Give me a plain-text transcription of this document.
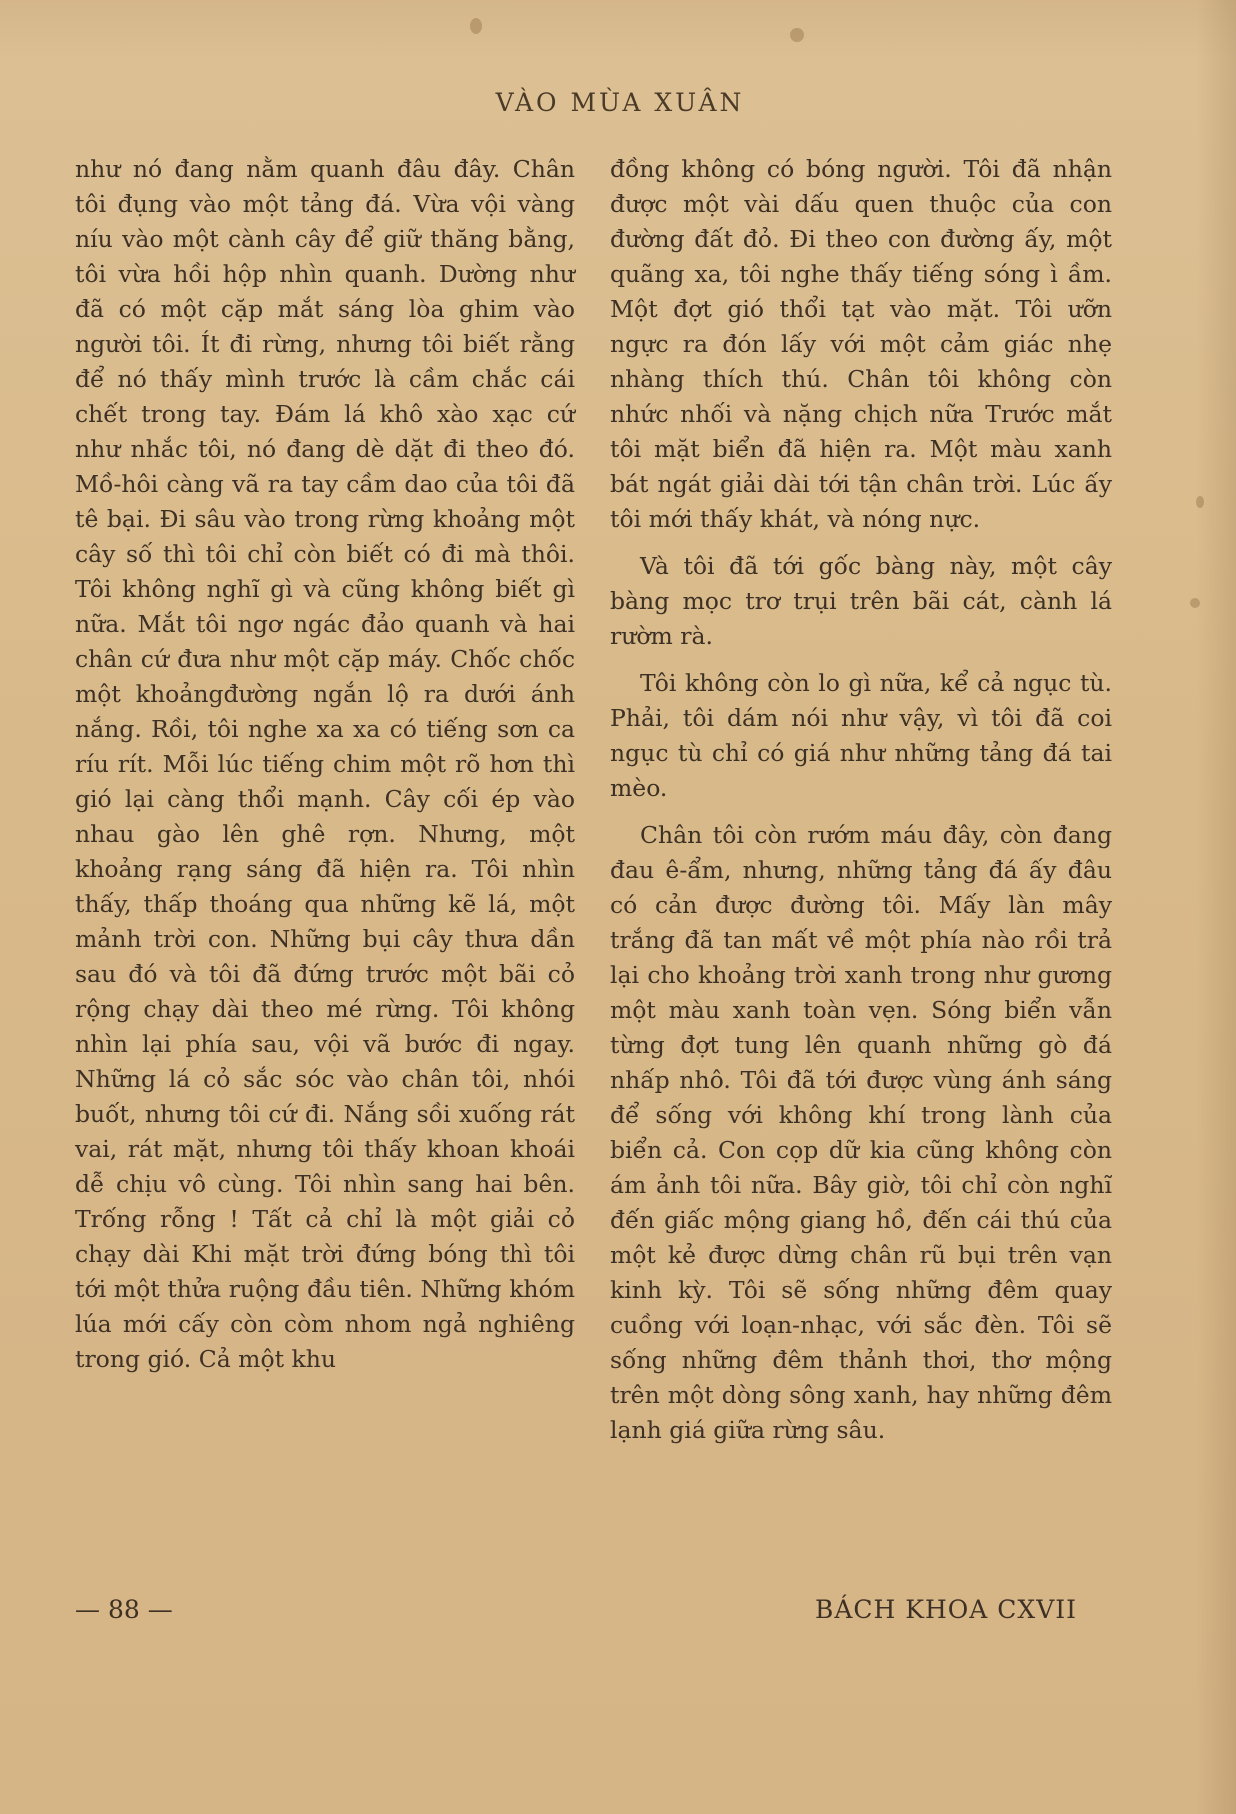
VÀO MÙA XUÂN

như nó đang nằm quanh đâu đây. Chân tôi đụng vào một tảng đá. Vừa vội vàng níu vào một cành cây để giữ thăng bằng, tôi vừa hồi hộp nhìn quanh. Dường như đã có một cặp mắt sáng lòa ghim vào người tôi. Ít đi rừng, nhưng tôi biết rằng để nó thấy mình trước là cầm chắc cái chết trong tay. Đám lá khô xào xạc cứ như nhắc tôi, nó đang dè dặt đi theo đó. Mồ-hôi càng vã ra tay cầm dao của tôi đã tê bại. Đi sâu vào trong rừng khoảng một cây số thì tôi chỉ còn biết có đi mà thôi. Tôi không nghĩ gì và cũng không biết gì nữa. Mắt tôi ngơ ngác đảo quanh và hai chân cứ đưa như một cặp máy. Chốc chốc một khoảngđường ngắn lộ ra dưới ánh nắng. Rồi, tôi nghe xa xa có tiếng sơn ca ríu rít. Mỗi lúc tiếng chim một rõ hơn thì gió lại càng thổi mạnh. Cây cối ép vào nhau gào lên ghê rợn. Nhưng, một khoảng rạng sáng đã hiện ra. Tôi nhìn thấy, thấp thoáng qua những kẽ lá, một mảnh trời con. Những bụi cây thưa dần sau đó và tôi đã đứng trước một bãi cỏ rộng chạy dài theo mé rừng. Tôi không nhìn lại phía sau, vội vã bước đi ngay. Những lá cỏ sắc sóc vào chân tôi, nhói buốt, nhưng tôi cứ đi. Nắng sồi xuống rát vai, rát mặt, nhưng tôi thấy khoan khoái dễ chịu vô cùng. Tôi nhìn sang hai bên. Trống rỗng ! Tất cả chỉ là một giải cỏ chạy dài Khi mặt trời đứng bóng thì tôi tới một thửa ruộng đầu tiên. Những khóm lúa mới cấy còn còm nhom ngả nghiêng trong gió. Cả một khu

đồng không có bóng người. Tôi đã nhận được một vài dấu quen thuộc của con đường đất đỏ. Đi theo con đường ấy, một quãng xa, tôi nghe thấy tiếng sóng ì ầm. Một đợt gió thổi tạt vào mặt. Tôi ưỡn ngực ra đón lấy với một cảm giác nhẹ nhàng thích thú. Chân tôi không còn nhức nhối và nặng chịch nữa Trước mắt tôi mặt biển đã hiện ra. Một màu xanh bát ngát giải dài tới tận chân trời. Lúc ấy tôi mới thấy khát, và nóng nực.

Và tôi đã tới gốc bàng này, một cây bàng mọc trơ trụi trên bãi cát, cành lá rườm rà.

Tôi không còn lo gì nữa, kể cả ngục tù. Phải, tôi dám nói như vậy, vì tôi đã coi ngục tù chỉ có giá như những tảng đá tai mèo.

Chân tôi còn rướm máu đây, còn đang đau ê-ẩm, nhưng, những tảng đá ấy đâu có cản được đường tôi. Mấy làn mây trắng đã tan mất về một phía nào rồi trả lại cho khoảng trời xanh trong như gương một màu xanh toàn vẹn. Sóng biển vẫn từng đợt tung lên quanh những gò đá nhấp nhô. Tôi đã tới được vùng ánh sáng để sống với không khí trong lành của biển cả. Con cọp dữ kia cũng không còn ám ảnh tôi nữa. Bây giờ, tôi chỉ còn nghĩ đến giấc mộng giang hồ, đến cái thú của một kẻ được dừng chân rũ bụi trên vạn kinh kỳ. Tôi sẽ sống những đêm quay cuồng với loạn-nhạc, với sắc đèn. Tôi sẽ sống những đêm thảnh thơi, thơ mộng trên một dòng sông xanh, hay những đêm lạnh giá giữa rừng sâu.

— 88 —	BÁCH KHOA CXVII
